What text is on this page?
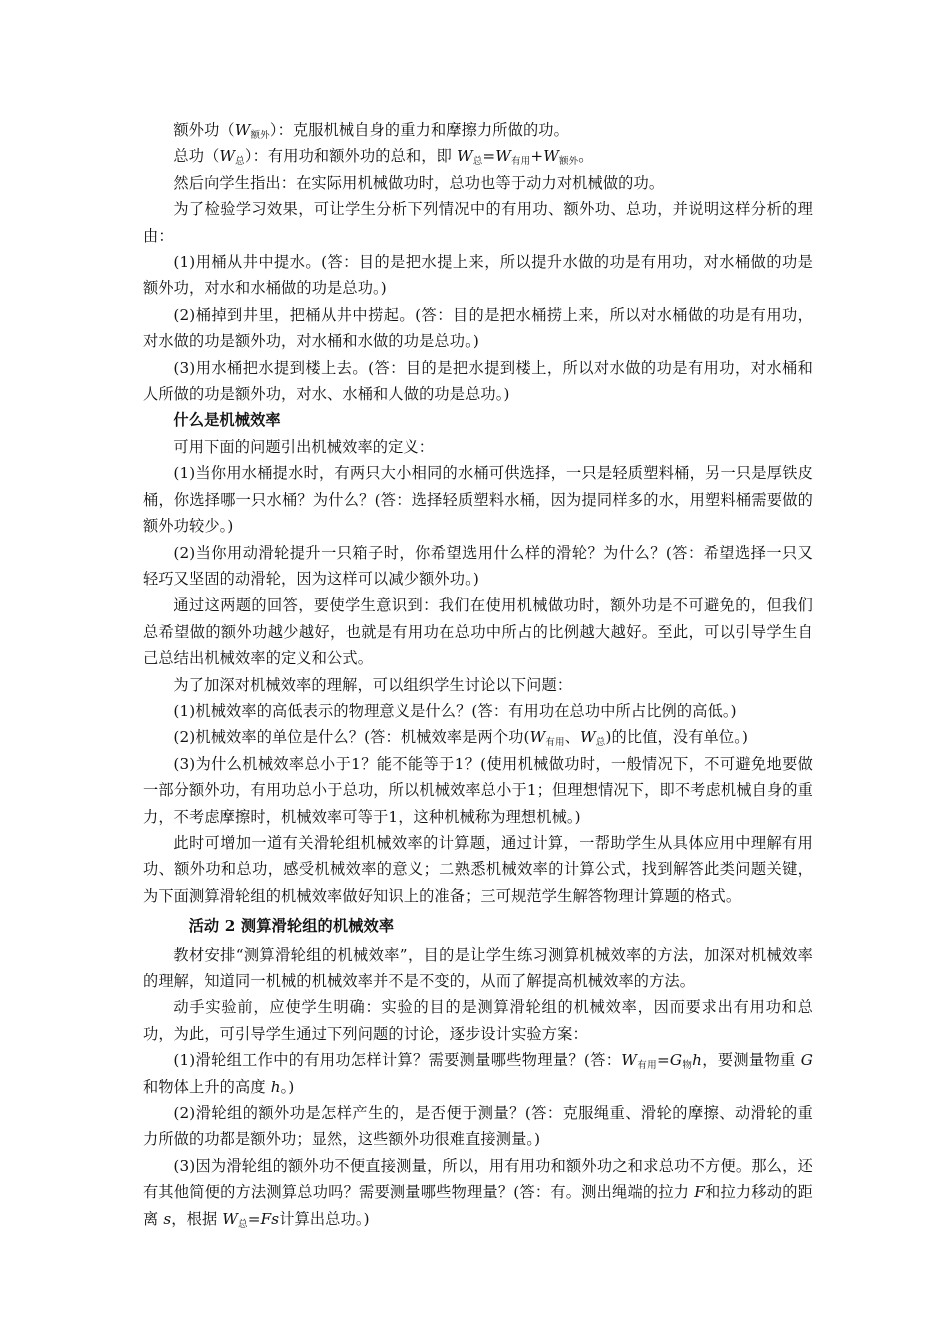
额外功$(W_{额外})$：克服机械自身的重力和摩擦力所做的功。

总功$(W_总)$：有用功和额外功的总和，即 $W_总=W_{有用}+W_{额外}$。

然后向学生指出：在实际用机械做功时，总功也等于动力对机械做的功。

为了检验学习效果，可让学生分析下列情况中的有用功、额外功、总功，并说明这样分析的理由：

(1)用桶从井中提水。(答：目的是把水提上来，所以提升水做的功是有用功，对水桶做的功是额外功，对水和水桶做的功是总功。)

(2)桶掉到井里，把桶从井中捞起。(答：目的是把水桶捞上来，所以对水桶做的功是有用功，对水做的功是额外功，对水桶和水做的功是总功。)

(3)用水桶把水提到楼上去。(答：目的是把水提到楼上，所以对水做的功是有用功，对水桶和人所做的功是额外功，对水、水桶和人做的功是总功。)

什么是机械效率

可用下面的问题引出机械效率的定义：

(1)当你用水桶提水时，有两只大小相同的水桶可供选择，一只是轻质塑料桶，另一只是厚铁皮桶，你选择哪一只水桶？为什么？(答：选择轻质塑料水桶，因为提同样多的水，用塑料桶需要做的额外功较少。)

(2)当你用动滑轮提升一只箱子时，你希望选用什么样的滑轮？为什么？(答：希望选择一只又轻巧又坚固的动滑轮，因为这样可以减少额外功。)

通过这两题的回答，要使学生意识到：我们在使用机械做功时，额外功是不可避免的，但我们总希望做的额外功越少越好，也就是有用功在总功中所占的比例越大越好。至此，可以引导学生自己总结出机械效率的定义和公式。

为了加深对机械效率的理解，可以组织学生讨论以下问题：

(1)机械效率的高低表示的物理意义是什么？(答：有用功在总功中所占比例的高低。)

(2)机械效率的单位是什么？(答：机械效率是两个功($W_{有用}$、$W_总$)的比值，没有单位。)

(3)为什么机械效率总小于1？能不能等于1？(使用机械做功时，一般情况下，不可避免地要做一部分额外功，有用功总小于总功，所以机械效率总小于1；但理想情况下，即不考虑机械自身的重力，不考虑摩擦时，机械效率可等于1，这种机械称为理想机械。)

此时可增加一道有关滑轮组机械效率的计算题，通过计算，一帮助学生从具体应用中理解有用功、额外功和总功，感受机械效率的意义；二熟悉机械效率的计算公式，找到解答此类问题关键，为下面测算滑轮组的机械效率做好知识上的准备；三可规范学生解答物理计算题的格式。

活动 2 测算滑轮组的机械效率

教材安排“测算滑轮组的机械效率”，目的是让学生练习测算机械效率的方法，加深对机械效率的理解，知道同一机械的机械效率并不是不变的，从而了解提高机械效率的方法。

动手实验前，应使学生明确：实验的目的是测算滑轮组的机械效率，因而要求出有用功和总功，为此，可引导学生通过下列问题的讨论，逐步设计实验方案：

(1)滑轮组工作中的有用功怎样计算？需要测量哪些物理量？(答：$W_{有用}=G_物h$，要测量物重 G和物体上升的高度 h。)

(2)滑轮组的额外功是怎样产生的，是否便于测量？(答：克服绳重、滑轮的摩擦、动滑轮的重力所做的功都是额外功；显然，这些额外功很难直接测量。)

(3)因为滑轮组的额外功不便直接测量，所以，用有用功和额外功之和求总功不方便。那么，还有其他简便的方法测算总功吗？需要测量哪些物理量？(答：有。测出绳端的拉力 F和拉力移动的距离 s，根据 $W_总=Fs$计算出总功。)
